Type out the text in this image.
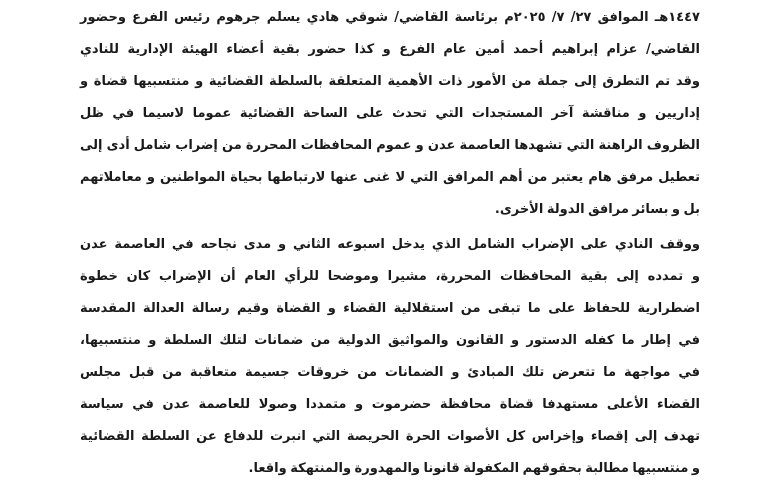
١٤٤٧هـ الموافق ٢٧/ ٧/ ٢٠٢٥م برئاسة القاضي/ شوقي هادي يسلم جرهوم رئيس الفرع وحضور
القاضي/ عزام إبراهيم أحمد أمين عام الفرع و كذا حضور بقية أعضاء الهيئة الإدارية للنادي
وقد تم التطرق إلى جملة من الأمور ذات الأهمية المتعلقة بالسلطة القضائية و منتسبيها قضاة و
إداريين و مناقشة آخر المستجدات التي تحدث على الساحة القضائية عموما لاسيما في ظل
الظروف الراهنة التي تشهدها العاصمة عدن و عموم المحافظات المحررة من إضراب شامل أدى إلى
تعطيل مرفق هام يعتبر من أهم المرافق التي لا غنى عنها لارتباطها بحياة المواطنين و معاملاتهم
بل و بسائر مرافق الدولة الأخرى.
ووقف النادي على الإضراب الشامل الذي يدخل اسبوعه الثاني و مدى نجاحه في العاصمة عدن
و تمدده إلى بقية المحافظات المحررة، مشيرا وموضحا للرأي العام أن الإضراب كان خطوة
اضطرارية للحفاظ على ما تبقى من استقلالية القضاء و القضاة وقيم رسالة العدالة المقدسة
في إطار ما كفله الدستور و القانون والمواثيق الدولية من ضمانات لتلك السلطة و منتسبيها،
في مواجهة ما تتعرض تلك المبادئ و الضمانات من خروقات جسيمة متعاقبة من قبل مجلس
القضاء الأعلى مستهدفا قضاة محافظة حضرموت و متمددا وصولا للعاصمة عدن في سياسة
تهدف إلى إقصاء وإخراس كل الأصوات الحرة الحريصة التي انبرت للدفاع عن السلطة القضائية
و منتسبيها مطالبة بحقوقهم المكفولة قانونا والمهدورة والمنتهكة واقعا.
